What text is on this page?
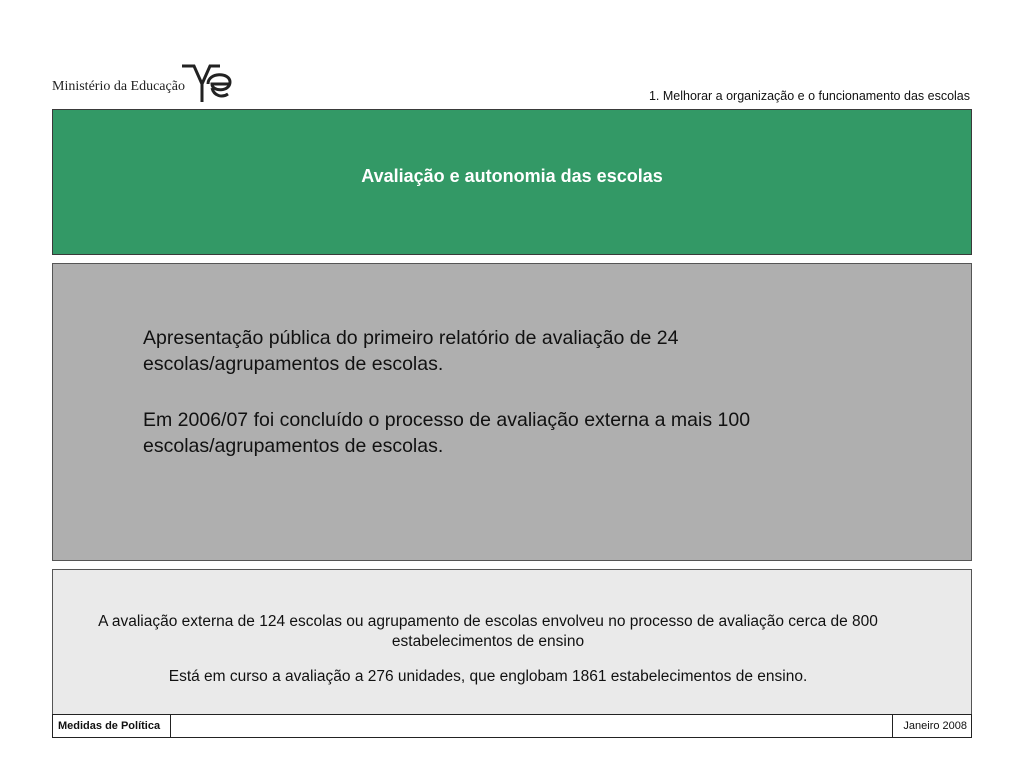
Ministério da Educação
1. Melhorar a organização e o funcionamento das escolas
Avaliação e autonomia das escolas
Apresentação pública do primeiro relatório de avaliação de 24 escolas/agrupamentos de escolas.
Em 2006/07 foi concluído o processo de avaliação externa a mais 100 escolas/agrupamentos de escolas.
A avaliação externa de 124 escolas ou agrupamento de escolas envolveu no processo de avaliação cerca de 800 estabelecimentos de ensino
Está em curso a avaliação a 276 unidades, que englobam 1861 estabelecimentos de ensino.
Medidas de Política	Janeiro 2008
